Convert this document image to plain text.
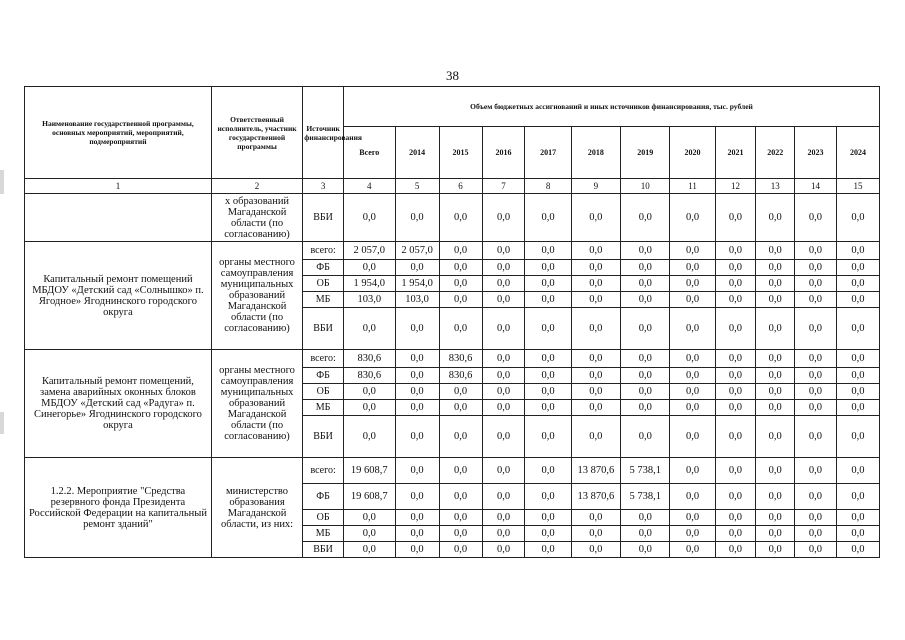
38
Наименование государственной программы, основных мероприятий, мероприятий, подмероприятий	Ответственный исполнитель, участник государственной программы	Источник финансирования	Объем бюджетных ассигнований и иных источников финансирования, тыс. рублей											
			Всего	2014	2015	2016	2017	2018	2019	2020	2021	2022	2023	2024
1	2	3	4	5	6	7	8	9	10	11	12	13	14	15
	х образований Магаданской области (по согласованию)	ВБИ	0,0	0,0	0,0	0,0	0,0	0,0	0,0	0,0	0,0	0,0	0,0	0,0
Капитальный ремонт помещений МБДОУ «Детский сад «Солнышко» п. Ягодное» Ягоднинского городского округа	органы местного самоуправления муниципальных образований Магаданской области (по согласованию)	всего:	2 057,0	2 057,0	0,0	0,0	0,0	0,0	0,0	0,0	0,0	0,0	0,0	0,0
		ФБ	0,0	0,0	0,0	0,0	0,0	0,0	0,0	0,0	0,0	0,0	0,0	0,0
		ОБ	1 954,0	1 954,0	0,0	0,0	0,0	0,0	0,0	0,0	0,0	0,0	0,0	0,0
		МБ	103,0	103,0	0,0	0,0	0,0	0,0	0,0	0,0	0,0	0,0	0,0	0,0
		ВБИ	0,0	0,0	0,0	0,0	0,0	0,0	0,0	0,0	0,0	0,0	0,0	0,0
Капитальный ремонт помещений, замена аварийных оконных блоков МБДОУ «Детский сад «Радуга» п. Синегорье» Ягоднинского городского округа	органы местного самоуправления муниципальных образований Магаданской области (по согласованию)	всего:	830,6	0,0	830,6	0,0	0,0	0,0	0,0	0,0	0,0	0,0	0,0	0,0
		ФБ	830,6	0,0	830,6	0,0	0,0	0,0	0,0	0,0	0,0	0,0	0,0	0,0
		ОБ	0,0	0,0	0,0	0,0	0,0	0,0	0,0	0,0	0,0	0,0	0,0	0,0
		МБ	0,0	0,0	0,0	0,0	0,0	0,0	0,0	0,0	0,0	0,0	0,0	0,0
		ВБИ	0,0	0,0	0,0	0,0	0,0	0,0	0,0	0,0	0,0	0,0	0,0	0,0
1.2.2. Мероприятие "Средства резервного фонда Президента Российской Федерации на капитальный ремонт зданий"	министерство образования Магаданской области, из них:	всего:	19 608,7	0,0	0,0	0,0	0,0	13 870,6	5 738,1	0,0	0,0	0,0	0,0	0,0
		ФБ	19 608,7	0,0	0,0	0,0	0,0	13 870,6	5 738,1	0,0	0,0	0,0	0,0	0,0
		ОБ	0,0	0,0	0,0	0,0	0,0	0,0	0,0	0,0	0,0	0,0	0,0	0,0
		МБ	0,0	0,0	0,0	0,0	0,0	0,0	0,0	0,0	0,0	0,0	0,0	0,0
		ВБИ	0,0	0,0	0,0	0,0	0,0	0,0	0,0	0,0	0,0	0,0	0,0	0,0
